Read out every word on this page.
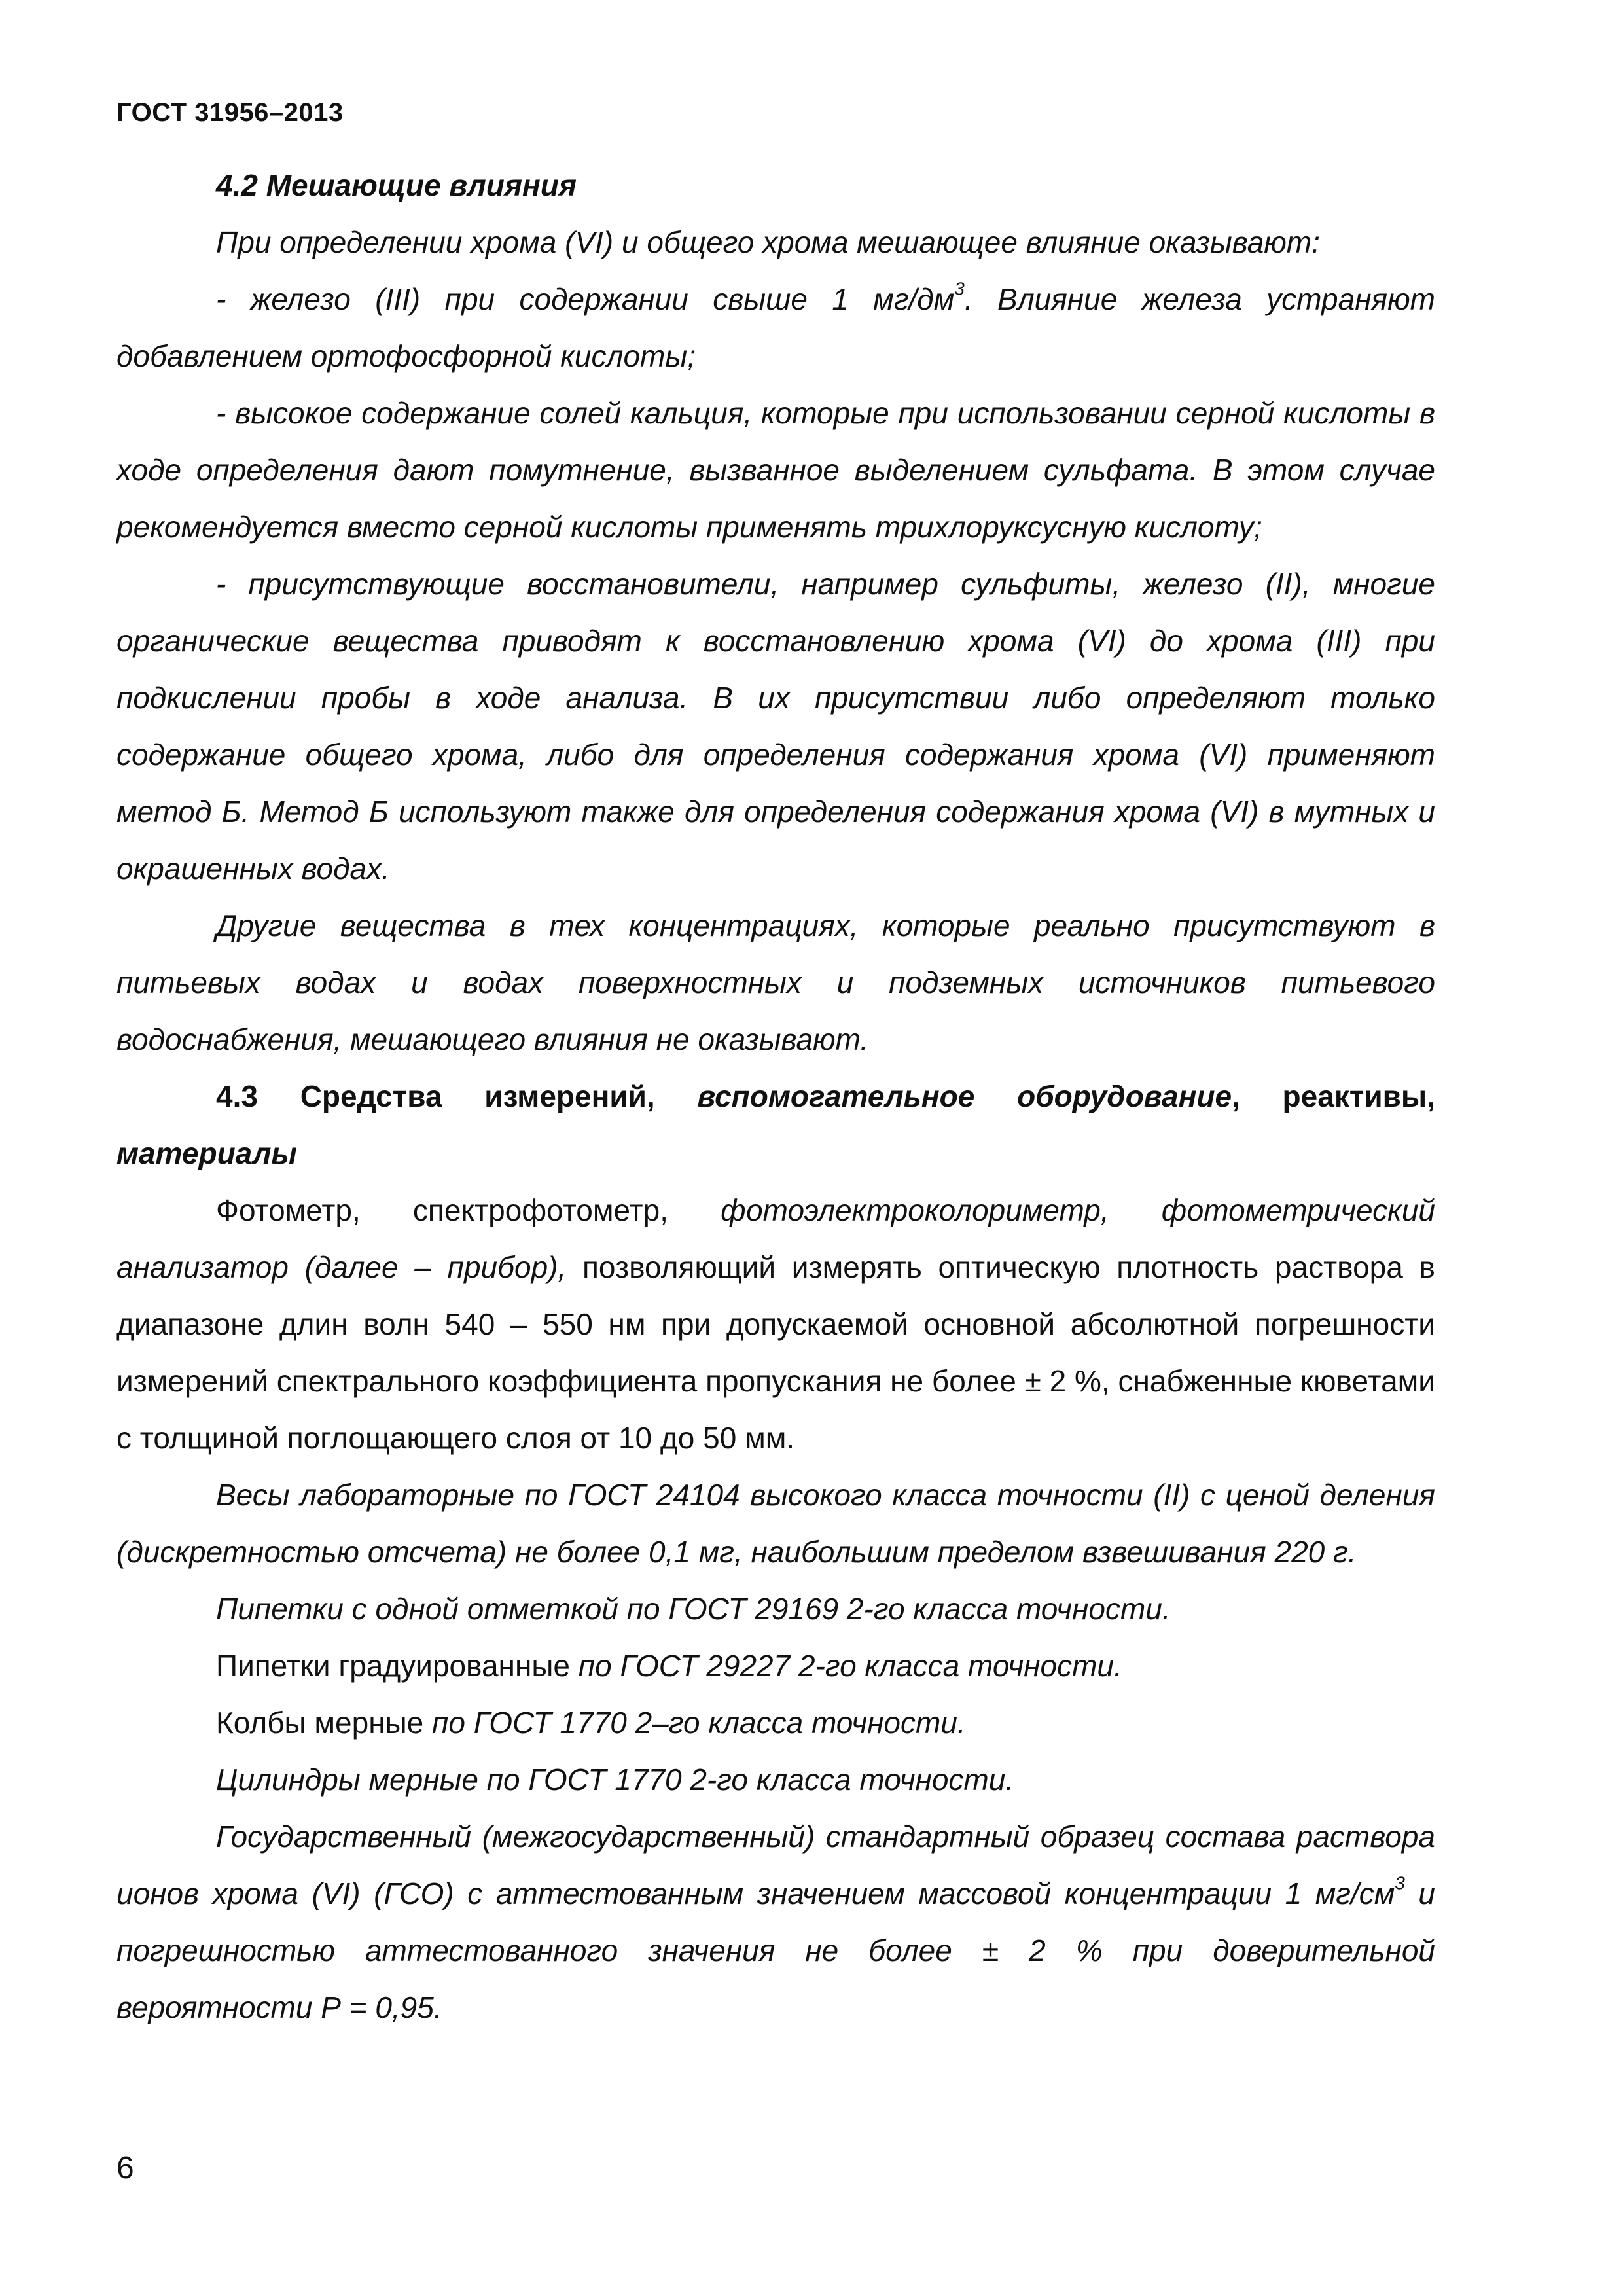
ГОСТ 31956–2013

4.2 Мешающие влияния

При определении хрома (VI) и общего хрома мешающее влияние оказывают:

- железо (III) при содержании свыше 1 $мг/дм^3$. Влияние железа устраняют добавлением ортофосфорной кислоты;

- высокое содержание солей кальция, которые при использовании серной кислоты в ходе определения дают помутнение, вызванное выделением сульфата. В этом случае рекомендуется вместо серной кислоты применять трихлоруксусную кислоту;

- присутствующие восстановители, например сульфиты, железо (II), многие органические вещества приводят к восстановлению хрома (VI) до хрома (III) при подкислении пробы в ходе анализа. В их присутствии либо определяют только содержание общего хрома, либо для определения содержания хрома (VI) применяют метод Б. Метод Б используют также для определения содержания хрома (VI) в мутных и окрашенных водах.

Другие вещества в тех концентрациях, которые реально присутствуют в питьевых водах и водах поверхностных и подземных источников питьевого водоснабжения, мешающего влияния не оказывают.

4.3 Средства измерений, вспомогательное оборудование, реактивы, материалы

Фотометр, спектрофотометр, фотоэлектроколориметр, фотометрический анализатор (далее – прибор), позволяющий измерять оптическую плотность раствора в диапазоне длин волн 540 – 550 нм при допускаемой основной абсолютной погрешности измерений спектрального коэффициента пропускания не более ± 2 %, снабженные кюветами с толщиной поглощающего слоя от 10 до 50 мм.

Весы лабораторные по ГОСТ 24104 высокого класса точности (II) с ценой деления (дискретностью отсчета) не более 0,1 мг, наибольшим пределом взвешивания 220 г.

Пипетки с одной отметкой по ГОСТ 29169 2-го класса точности.

Пипетки градуированные по ГОСТ 29227 2-го класса точности.

Колбы мерные по ГОСТ 1770 2–го класса точности.

Цилиндры мерные по ГОСТ 1770 2-го класса точности.

Государственный (межгосударственный) стандартный образец состава раствора ионов хрома (VI) (ГСО) с аттестованным значением массовой концентрации 1 $мг/см^3$ и погрешностью аттестованного значения не более ± 2 % при доверительной вероятности Р = 0,95.

6
